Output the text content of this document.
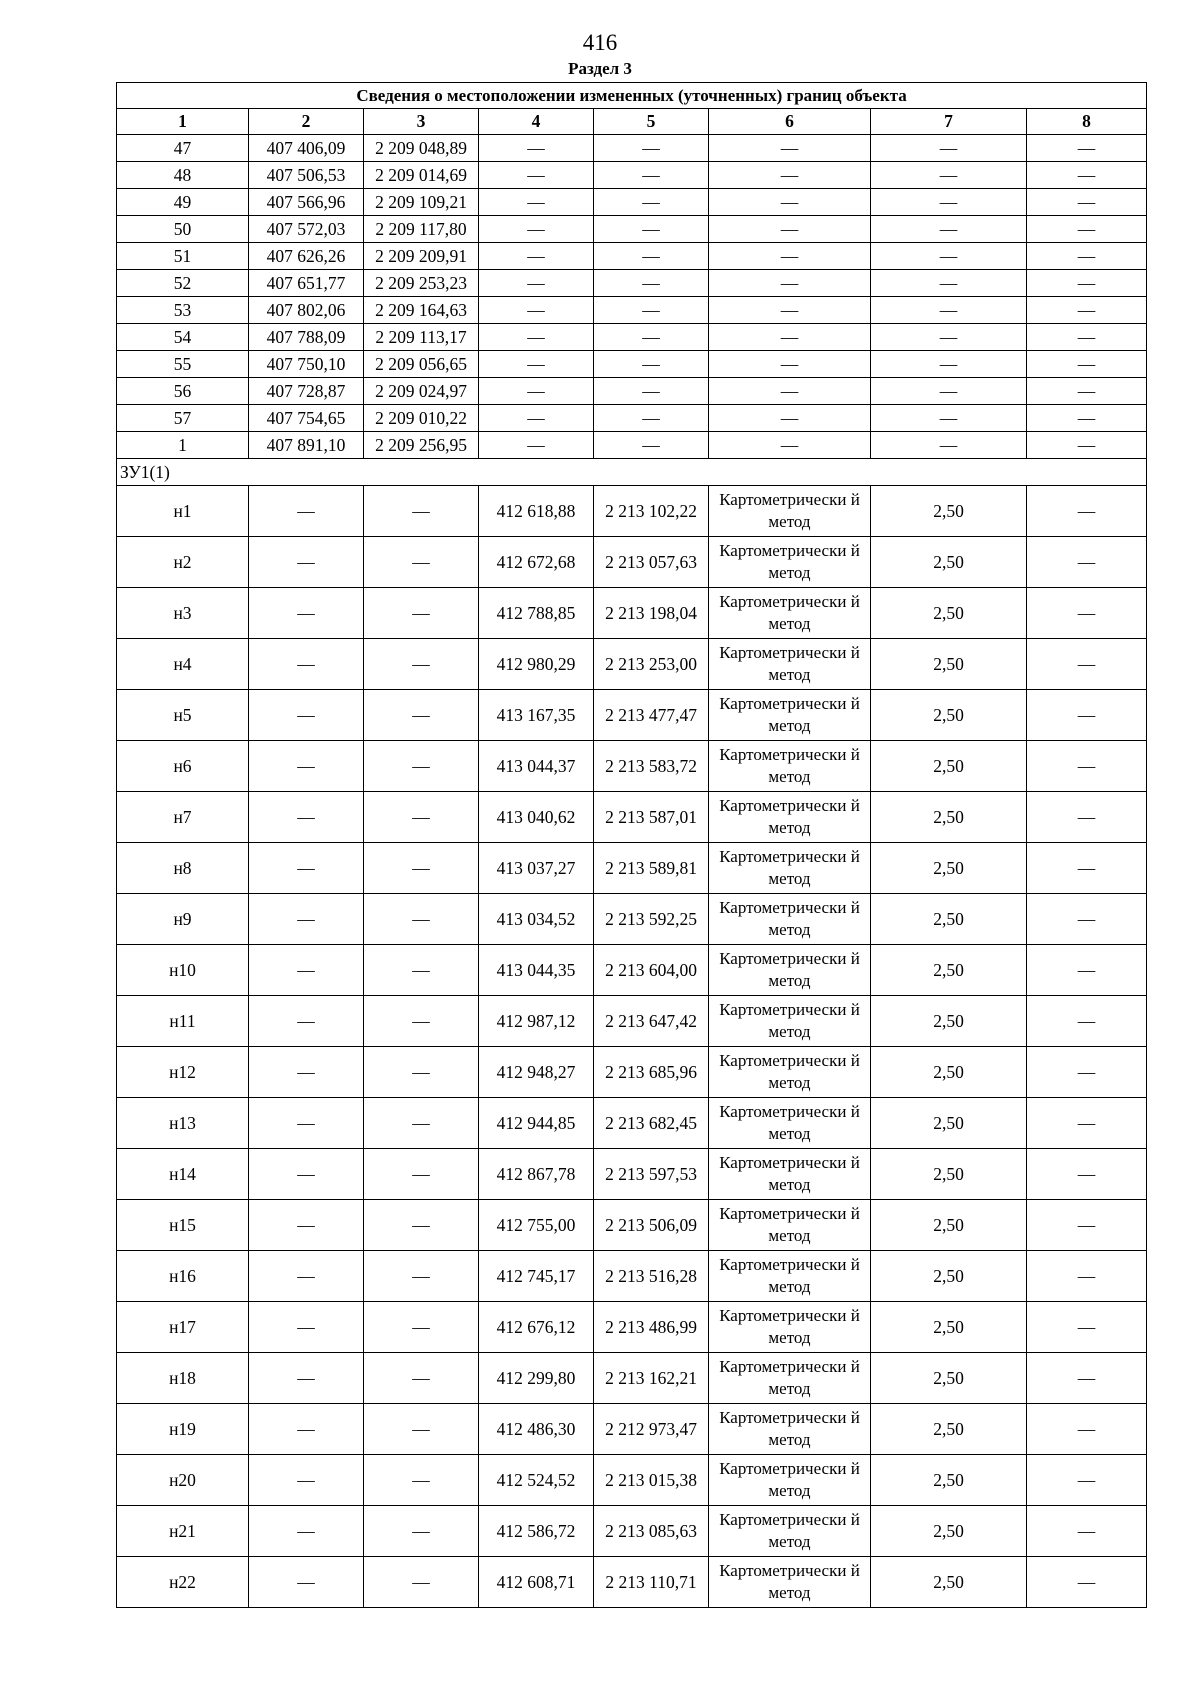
416
Раздел 3
Сведения о местоположении измененных (уточненных) границ объекта							
1	2	3	4	5	6	7	8
47	407 406,09	2 209 048,89	—	—	—	—	—
48	407 506,53	2 209 014,69	—	—	—	—	—
49	407 566,96	2 209 109,21	—	—	—	—	—
50	407 572,03	2 209 117,80	—	—	—	—	—
51	407 626,26	2 209 209,91	—	—	—	—	—
52	407 651,77	2 209 253,23	—	—	—	—	—
53	407 802,06	2 209 164,63	—	—	—	—	—
54	407 788,09	2 209 113,17	—	—	—	—	—
55	407 750,10	2 209 056,65	—	—	—	—	—
56	407 728,87	2 209 024,97	—	—	—	—	—
57	407 754,65	2 209 010,22	—	—	—	—	—
1	407 891,10	2 209 256,95	—	—	—	—	—
ЗУ1(1)							
н1	—	—	412 618,88	2 213 102,22	Картометрически й метод	2,50	—
н2	—	—	412 672,68	2 213 057,63	Картометрически й метод	2,50	—
н3	—	—	412 788,85	2 213 198,04	Картометрически й метод	2,50	—
н4	—	—	412 980,29	2 213 253,00	Картометрически й метод	2,50	—
н5	—	—	413 167,35	2 213 477,47	Картометрически й метод	2,50	—
н6	—	—	413 044,37	2 213 583,72	Картометрически й метод	2,50	—
н7	—	—	413 040,62	2 213 587,01	Картометрически й метод	2,50	—
н8	—	—	413 037,27	2 213 589,81	Картометрически й метод	2,50	—
н9	—	—	413 034,52	2 213 592,25	Картометрически й метод	2,50	—
н10	—	—	413 044,35	2 213 604,00	Картометрически й метод	2,50	—
н11	—	—	412 987,12	2 213 647,42	Картометрически й метод	2,50	—
н12	—	—	412 948,27	2 213 685,96	Картометрически й метод	2,50	—
н13	—	—	412 944,85	2 213 682,45	Картометрически й метод	2,50	—
н14	—	—	412 867,78	2 213 597,53	Картометрически й метод	2,50	—
н15	—	—	412 755,00	2 213 506,09	Картометрически й метод	2,50	—
н16	—	—	412 745,17	2 213 516,28	Картометрически й метод	2,50	—
н17	—	—	412 676,12	2 213 486,99	Картометрически й метод	2,50	—
н18	—	—	412 299,80	2 213 162,21	Картометрически й метод	2,50	—
н19	—	—	412 486,30	2 212 973,47	Картометрически й метод	2,50	—
н20	—	—	412 524,52	2 213 015,38	Картометрически й метод	2,50	—
н21	—	—	412 586,72	2 213 085,63	Картометрически й метод	2,50	—
н22	—	—	412 608,71	2 213 110,71	Картометрически й метод	2,50	—
